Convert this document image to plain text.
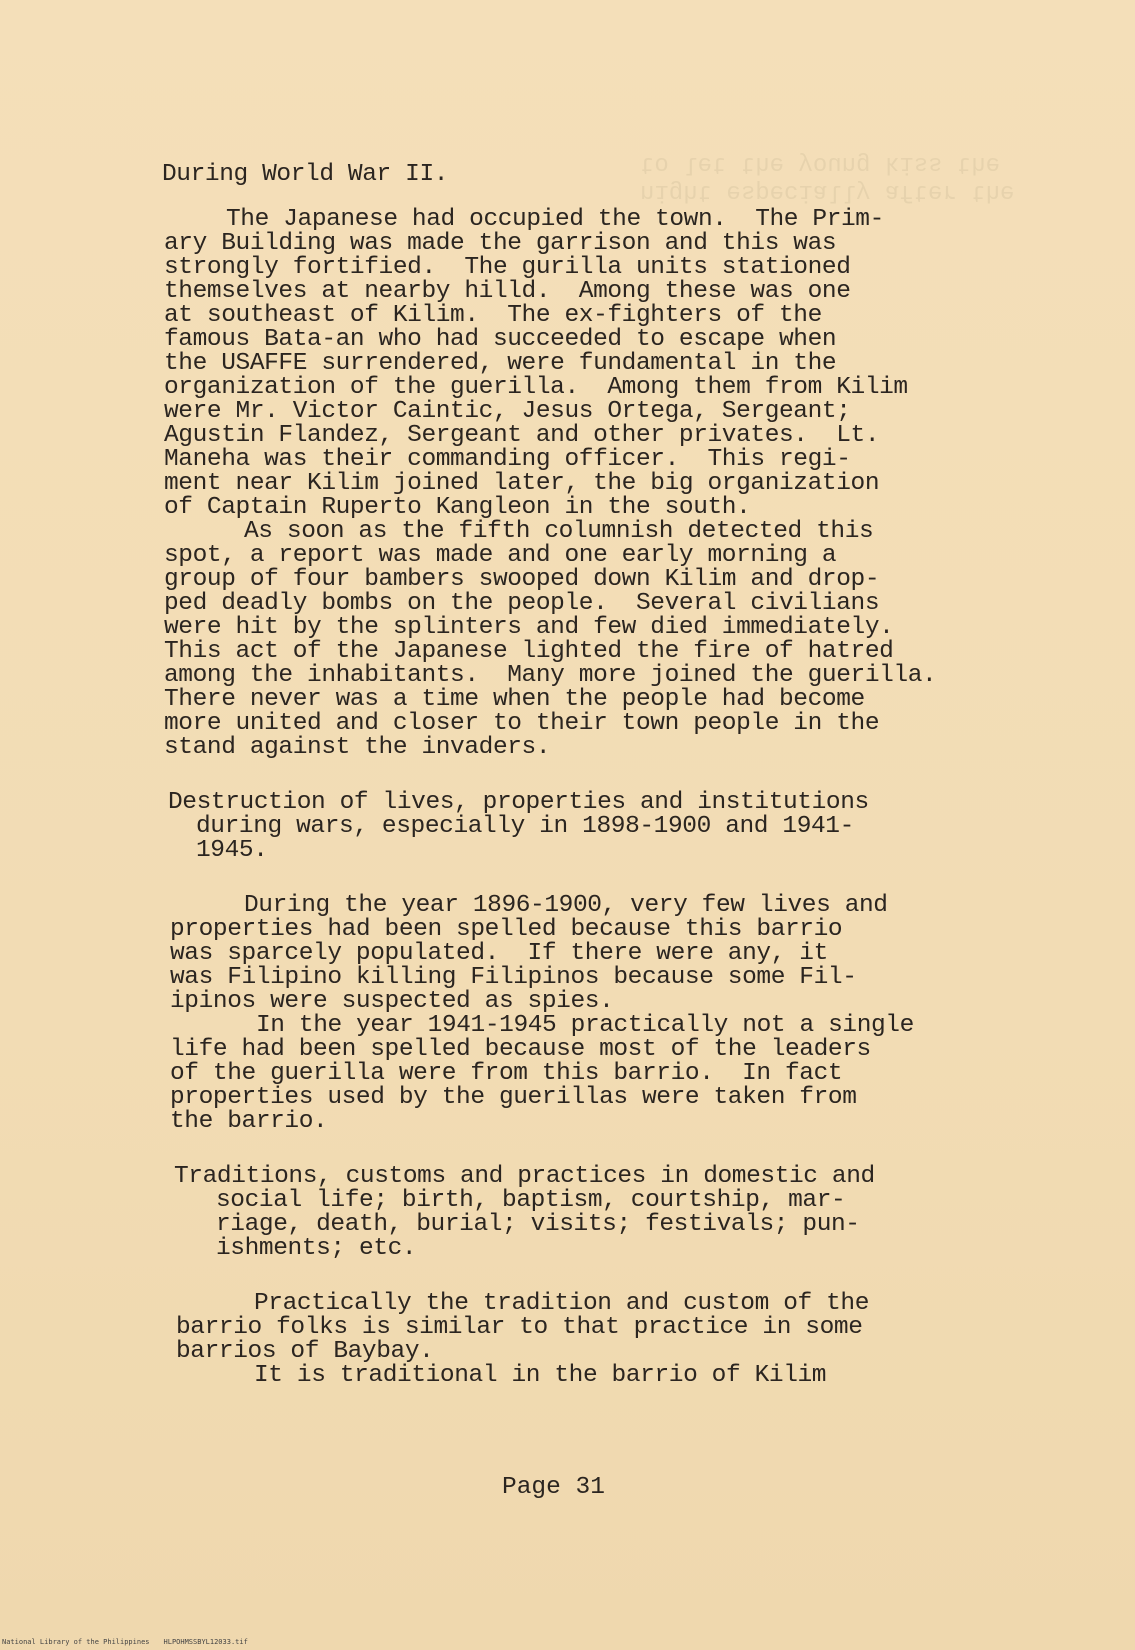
to let the young kiss the
night especially after the
During World War II.
The Japanese had occupied the town.  The Prim-
ary Building was made the garrison and this was
strongly fortified.  The gurilla units stationed
themselves at nearby hilld.  Among these was one
at southeast of Kilim.  The ex-fighters of the
famous Bata-an who had succeeded to escape when
the USAFFE surrendered, were fundamental in the
organization of the guerilla.  Among them from Kilim
were Mr. Victor Caintic, Jesus Ortega, Sergeant;
Agustin Flandez, Sergeant and other privates.  Lt.
Maneha was their commanding officer.  This regi-
ment near Kilim joined later, the big organization
of Captain Ruperto Kangleon in the south.
As soon as the fifth columnish detected this
spot, a report was made and one early morning a
group of four bambers swooped down Kilim and drop-
ped deadly bombs on the people.  Several civilians
were hit by the splinters and few died immediately.
This act of the Japanese lighted the fire of hatred
among the inhabitants.  Many more joined the guerilla.
There never was a time when the people had become
more united and closer to their town people in the
stand against the invaders.
Destruction of lives, properties and institutions
during wars, especially in 1898-1900 and 1941-
1945.
During the year 1896-1900, very few lives and
properties had been spelled because this barrio
was sparcely populated.  If there were any, it
was Filipino killing Filipinos because some Fil-
ipinos were suspected as spies.
In the year 1941-1945 practically not a single
life had been spelled because most of the leaders
of the guerilla were from this barrio.  In fact
properties used by the guerillas were taken from
the barrio.
Traditions, customs and practices in domestic and
social life; birth, baptism, courtship, mar-
riage, death, burial; visits; festivals; pun-
ishments; etc.
Practically the tradition and custom of the
barrio folks is similar to that practice in some
barrios of Baybay.
It is traditional in the barrio of Kilim
Page 31
National Library of the Philippines HLPOHMSSBYL12033.tif
